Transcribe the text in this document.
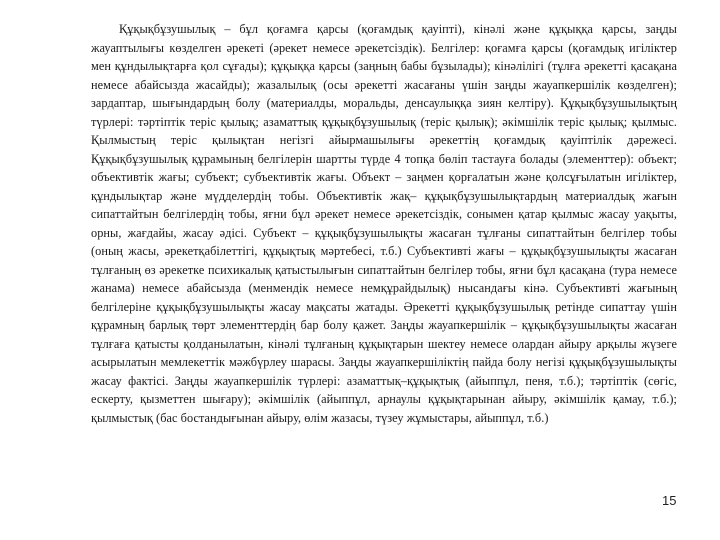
Құқықбұзушылық – бұл қоғамға қарсы (қоғамдық қауіпті), кінәлі және құқыққа қарсы, заңды жауаптылығы көзделген әрекеті (әрекет немесе әрекетсіздік). Белгілер: қоғамға қарсы (қоғамдық игіліктер мен құндылықтарға қол сұғады); құқыққа қарсы (заңның бабы бұзылады); кінәлілігі (тұлға әрекетті қасақана немесе абайсызда жасайды); жазалылық (осы әрекетті жасағаны үшін заңды жауапкершілік көзделген); зардаптар, шығындардың болу (материалды, моральды, денсаулыққа зиян келтіру). Құқықбұзушылықтың түрлері: тәртіптік теріс қылық; азаматтық құқықбұзушылық (теріс қылық); әкімшілік теріс қылық; қылмыс. Қылмыстың теріс қылықтан негізгі айырмашылығы әрекеттің қоғамдық қауіптілік дәрежесі. Құқықбұзушылық құрамының белгілерін шартты түрде 4 топқа бөліп тастауға болады (элементтер): объект; объективтік жағы; субъект; субъективтік жағы. Объект – заңмен қорғалатын және қолсұғылатын игіліктер, құндылықтар және мүдделердің тобы. Объективтік жақ– құқықбұзушылықтардың материалдық жағын сипаттайтын белгілердің тобы, яғни бұл әрекет немесе әрекетсіздік, сонымен қатар қылмыс жасау уақыты, орны, жағдайы, жасау әдісі. Субъект – құқықбұзушылықты жасаған тұлғаны сипаттайтын белгілер тобы (оның жасы, әрекетқабілеттігі, құқықтық мәртебесі, т.б.) Субъективті жағы – құқықбұзушылықты жасаған тұлғаның өз әрекетке психикалық қатыстылығын сипаттайтын белгілер тобы, яғни бұл қасақана (тура немесе жанама) немесе абайсызда (менмендік немесе немқұрайдылық) нысандағы кінә. Субъективті жағының белгілеріне құқықбұзушылықты жасау мақсаты жатады. Әрекетті құқықбұзушылық ретінде сипаттау үшін құрамның барлық төрт элементтердің бар болу қажет. Заңды жауапкершілік – құқықбұзушылықты жасаған тұлғаға қатысты қолданылатын, кінәлі тұлғаның құқықтарын шектеу немесе олардан айыру арқылы жүзеге асырылатын мемлекеттік мәжбүрлеу шарасы. Заңды жауапкершіліктің пайда болу негізі құқықбұзушылықты жасау фактісі. Заңды жауапкершілік түрлері: азаматтық–құқықтық (айыппұл, пеня, т.б.); тәртіптік (сөгіс, ескерту, қызметтен шығару); әкімшілік (айыппұл, арнаулы құқықтарынан айыру, әкімшілік қамау, т.б.); қылмыстық (бас бостандығынан айыру, өлім жазасы, түзеу жұмыстары, айыппұл, т.б.)

15
